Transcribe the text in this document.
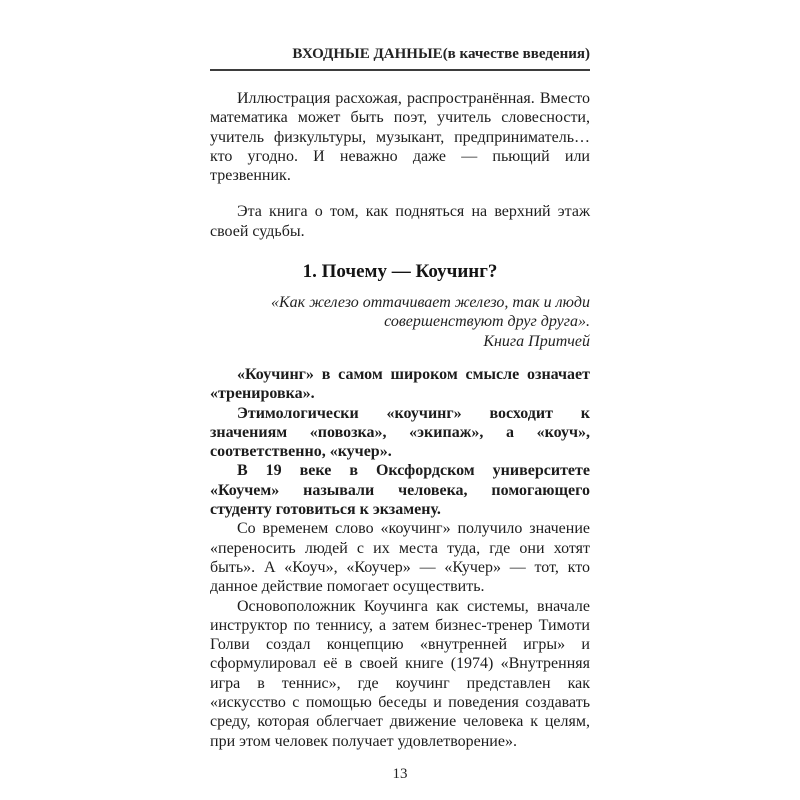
ВХОДНЫЕ ДАННЫЕ(в качестве введения)

Иллюстрация расхожая, распространённая. Вместо математика может быть поэт, учитель словесности, учитель физкультуры, музыкант, предприниматель… кто угодно. И неважно даже — пьющий или трезвенник.

Эта книга о том, как подняться на верхний этаж своей судьбы.

1. Почему — Коучинг?

«Как железо оттачивает железо, так и люди совершенствуют друг друга».

Книга Притчей

«Коучинг» в самом широком смысле означает «тренировка».

Этимологически «коучинг» восходит к значениям «повозка», «экипаж», а «коуч», соответственно, «кучер».

В 19 веке в Оксфордском университете «Коучем» называли человека, помогающего студенту готовиться к экзамену.

Со временем слово «коучинг» получило значение «переносить людей с их места туда, где они хотят быть». А «Коуч», «Коучер» — «Кучер» — тот, кто данное действие помогает осуществить.

Основоположник Коучинга как системы, вначале инструктор по теннису, а затем бизнес-тренер Тимоти Голви создал концепцию «внутренней игры» и сформулировал её в своей книге (1974) «Внутренняя игра в теннис», где коучинг представлен как «искусство с помощью беседы и поведения создавать среду, которая облегчает движение человека к целям, при этом человек получает удовлетворение».

13
